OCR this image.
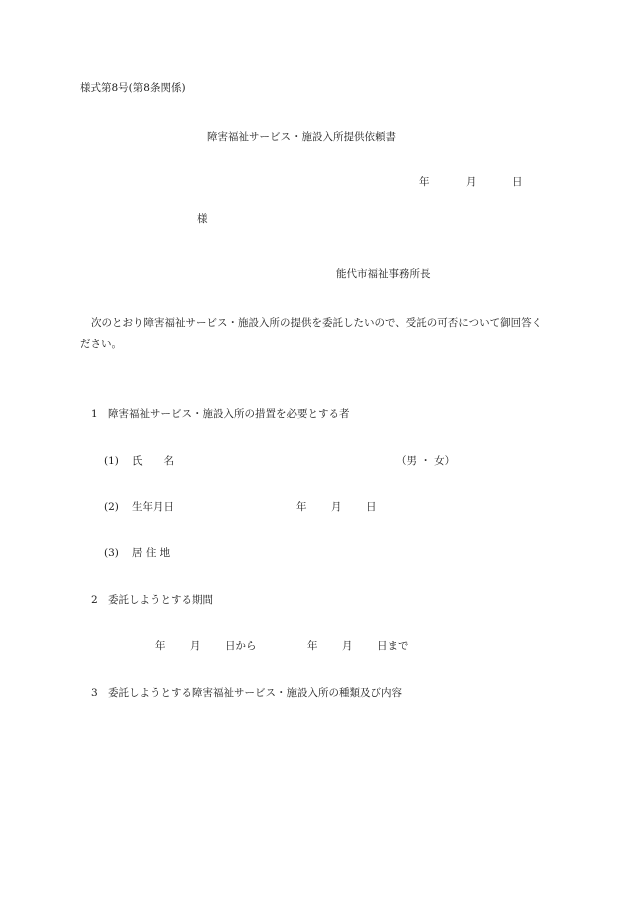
様式第8号(第8条関係)
障害福祉サービス・施設入所提供依頼書
年	月	日
様
能代市福祉事務所長
次のとおり障害福祉サービス・施設入所の提供を委託したいので、受託の可否について御回答ください。
1 障害福祉サービス・施設入所の措置を必要とする者
(1) 氏　　名	（男 ・ 女）
(2) 生年月日	年 月 日
(3) 居 住 地
2 委託しようとする期間
年 月 日から	年 月 日まで
3 委託しようとする障害福祉サービス・施設入所の種類及び内容
